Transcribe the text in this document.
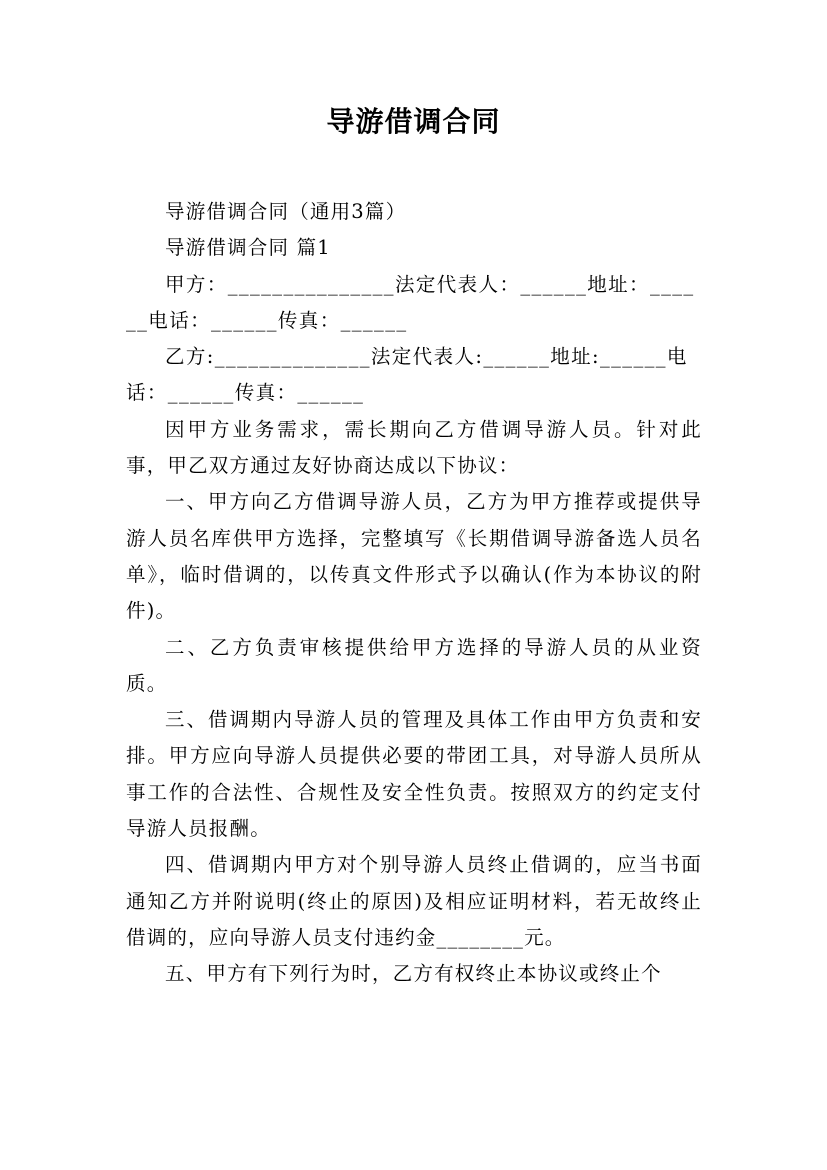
导游借调合同

导游借调合同（通用3篇）

导游借调合同 篇1

甲方：_______________法定代表人：______地址：______电话：______传真：______

乙方:______________法定代表人:______地址:______电话：______传真：______

因甲方业务需求，需长期向乙方借调导游人员。针对此事，甲乙双方通过友好协商达成以下协议：

一、甲方向乙方借调导游人员，乙方为甲方推荐或提供导游人员名库供甲方选择，完整填写《长期借调导游备选人员名单》，临时借调的，以传真文件形式予以确认(作为本协议的附件)。

二、乙方负责审核提供给甲方选择的导游人员的从业资质。

三、借调期内导游人员的管理及具体工作由甲方负责和安排。甲方应向导游人员提供必要的带团工具，对导游人员所从事工作的合法性、合规性及安全性负责。按照双方的约定支付导游人员报酬。

四、借调期内甲方对个别导游人员终止借调的，应当书面通知乙方并附说明(终止的原因)及相应证明材料，若无故终止借调的，应向导游人员支付违约金________元。

五、甲方有下列行为时，乙方有权终止本协议或终止个
